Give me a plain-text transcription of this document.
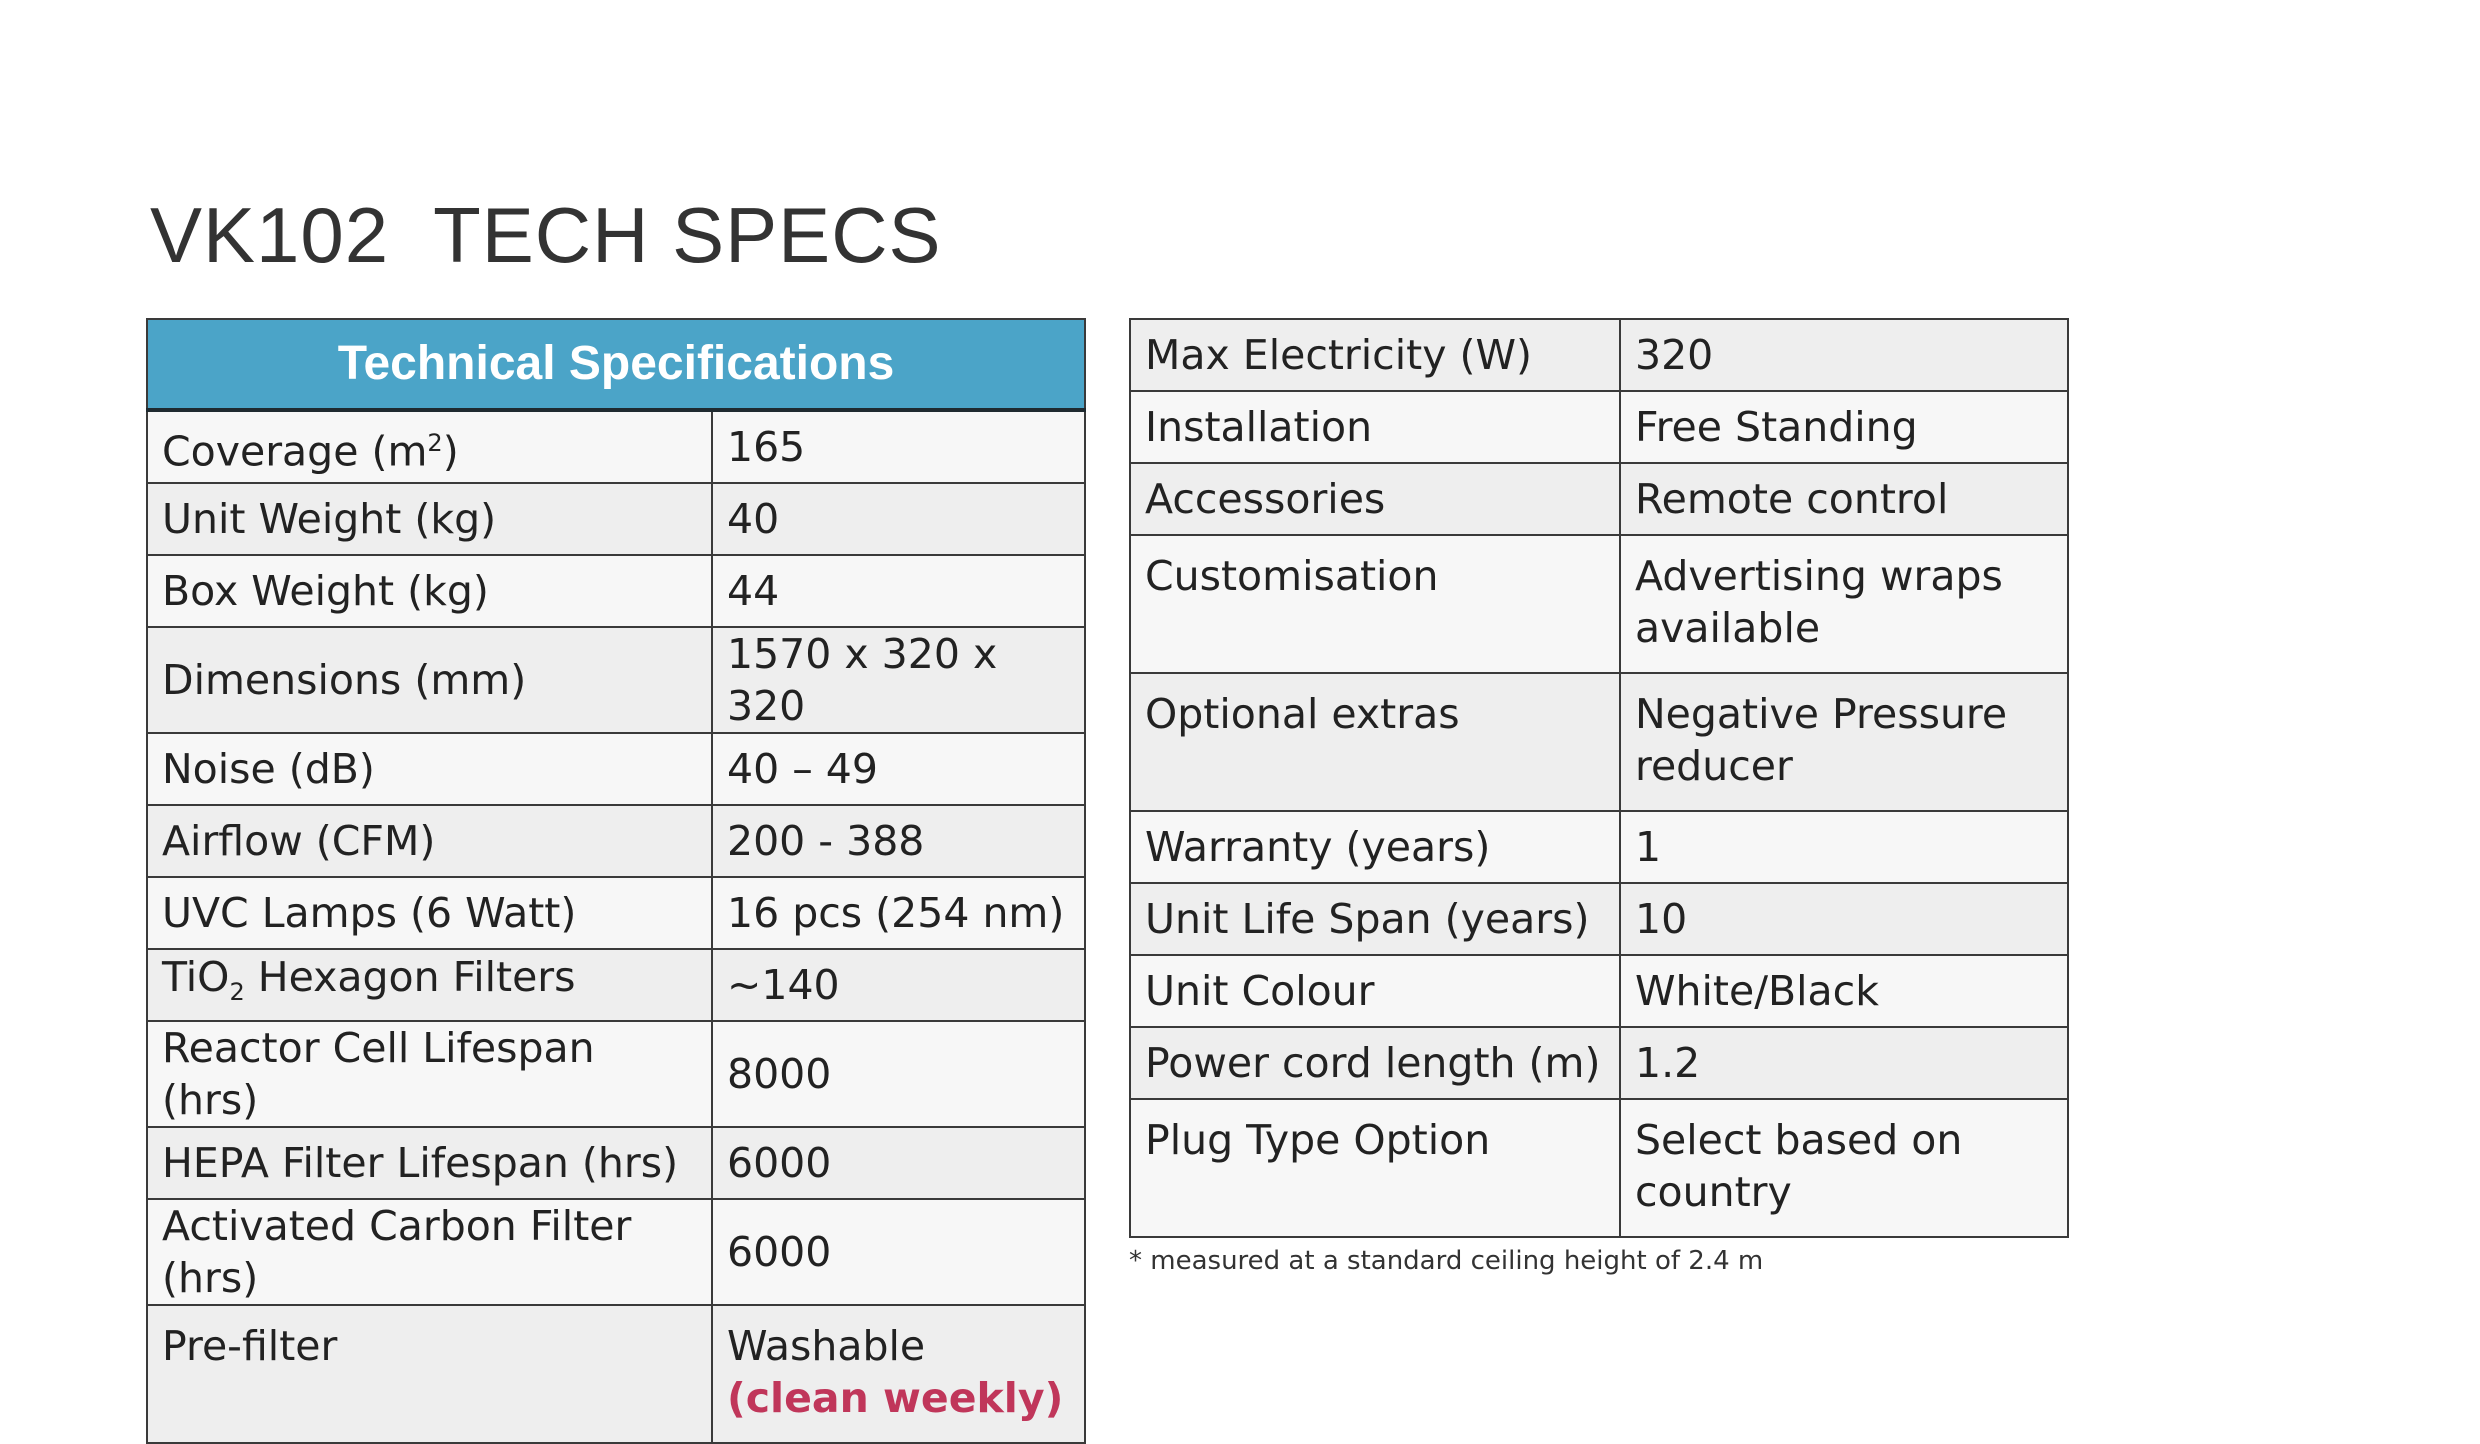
VK102  TECH SPECS
Technical Specifications	
Coverage $(m^2)$	165
Unit Weight (kg)	40
Box Weight (kg)	44
Dimensions (mm)	1570 x 320 x 320
Noise (dB)	40 – 49
Airflow (CFM)	200 - 388
UVC Lamps (6 Watt)	16 pcs (254 nm)
TiO$_2$ Hexagon Filters	~140
Reactor Cell Lifespan (hrs)	8000
HEPA Filter Lifespan (hrs)	6000
Activated Carbon Filter (hrs)	6000
Pre-filter	Washable
(clean weekly)
Max Electricity (W)	320
Installation	Free Standing
Accessories	Remote control
Customisation	Advertising wraps
available

Optional extras	Negative Pressure
reducer

Warranty (years)	1
Unit Life Span (years)	10
Unit Colour	White/Black
Power cord length (m)	1.2
Plug Type Option	Select based on
country
* measured at a standard ceiling height of 2.4 m
